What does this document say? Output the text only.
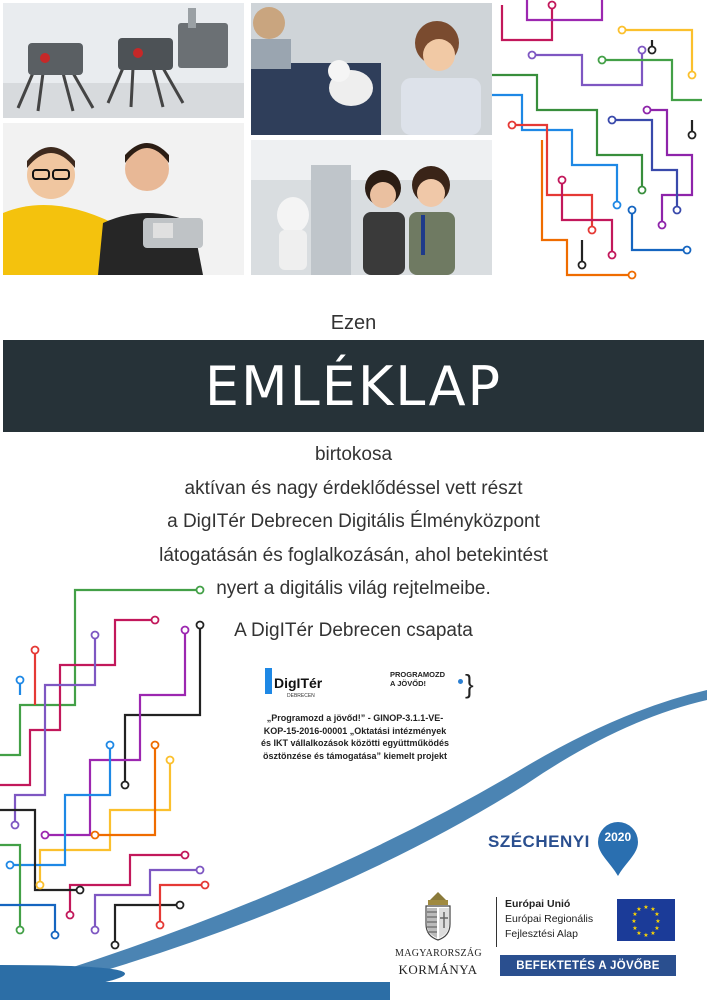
Ezen
EMLÉKLAP
birtokosa
aktívan és nagy érdeklődéssel vett részt
a DigITér Debrecen Digitális Élményközpont
látogatásán és foglalkozásán, ahol betekintést
nyert a digitális világ rejtelmeibe.
A DigITér Debrecen csapata
DigITér
DEBRECEN
PROGRAMOZD
A JÖVŐD!	}
„Programozd a jövőd!” - GINOP-3.1.1-VE-
KOP-15-2016-00001 „Oktatási intézmények
és IKT vállalkozások közötti együttműködés
ösztönzése és támogatása” kiemelt projekt
SZÉCHENYI	2020
MAGYARORSZÁG
KORMÁNYA
Európai Unió
Európai Regionális
Fejlesztési Alap
★ ★
★
★
★
★
★
★
★
★
★
★
BEFEKTETÉS A JÖVŐBE
